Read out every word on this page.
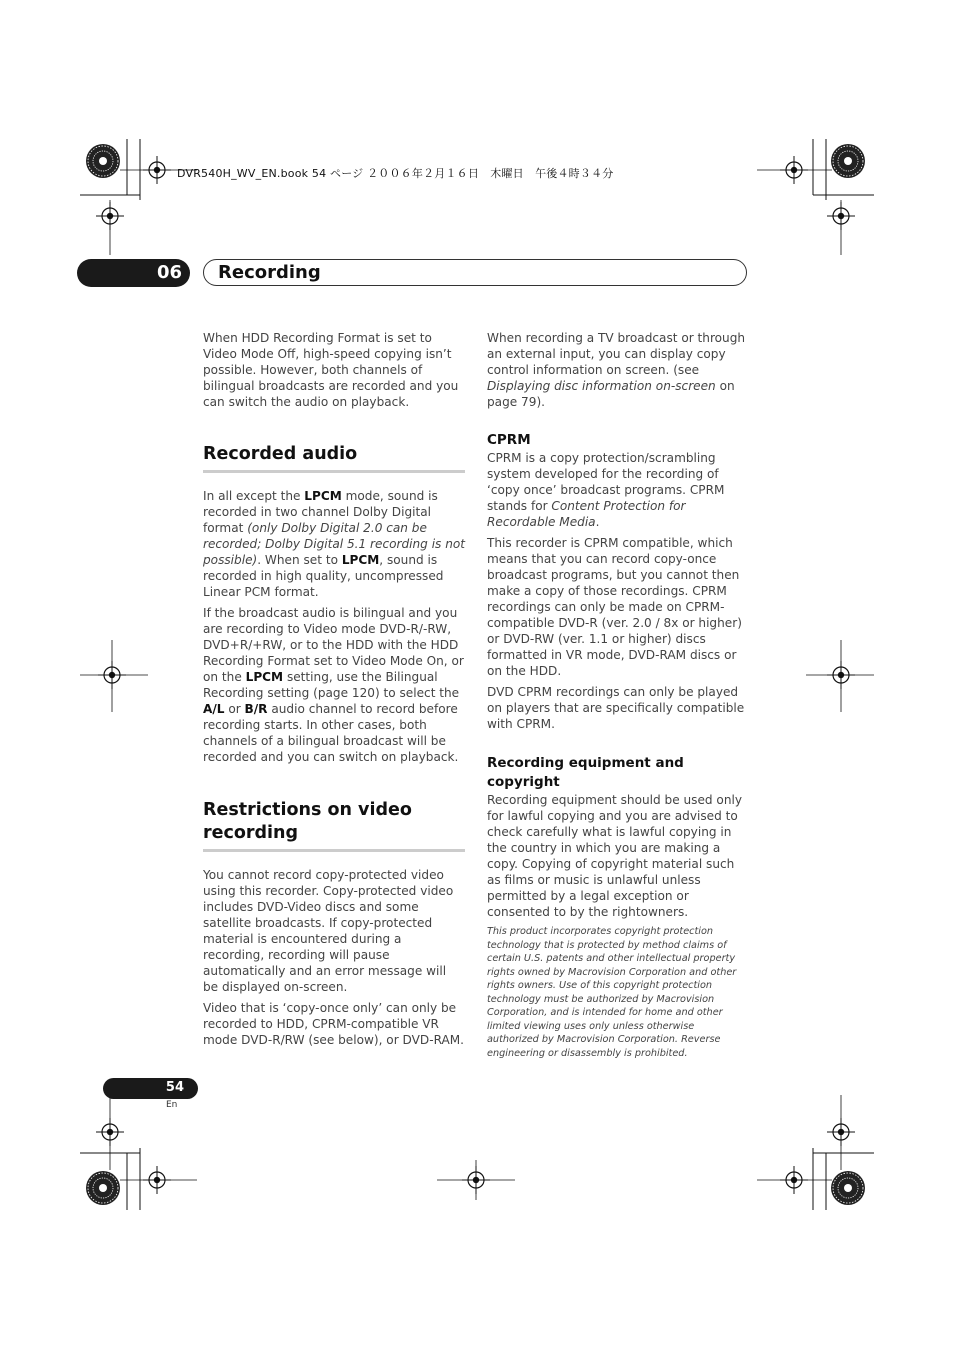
DVR540H_WV_EN.book 54 ページ ２００６年２月１６日　木曜日　午後４時３４分
06 Recording

When HDD Recording Format is set to Video Mode Off, high-speed copying isn’t possible. However, both channels of bilingual broadcasts are recorded and you can switch the audio on playback.

Recorded audio

In all except the LPCM mode, sound is recorded in two channel Dolby Digital format (only Dolby Digital 2.0 can be recorded; Dolby Digital 5.1 recording is not possible). When set to LPCM, sound is recorded in high quality, uncompressed Linear PCM format.

If the broadcast audio is bilingual and you are recording to Video mode DVD-R/-RW, DVD+R/+RW, or to the HDD with the HDD Recording Format set to Video Mode On, or on the LPCM setting, use the Bilingual Recording setting (page 120) to select the A/L or B/R audio channel to record before recording starts. In other cases, both channels of a bilingual broadcast will be recorded and you can switch on playback.

Restrictions on video recording

You cannot record copy-protected video using this recorder. Copy-protected video includes DVD-Video discs and some satellite broadcasts. If copy-protected material is encountered during a recording, recording will pause automatically and an error message will be displayed on-screen.

Video that is ‘copy-once only’ can only be recorded to HDD, CPRM-compatible VR mode DVD-R/RW (see below), or DVD-RAM.

When recording a TV broadcast or through an external input, you can display copy control information on screen. (see Displaying disc information on-screen on page 79).

CPRM

CPRM is a copy protection/scrambling system developed for the recording of ‘copy once’ broadcast programs. CPRM stands for Content Protection for Recordable Media.

This recorder is CPRM compatible, which means that you can record copy-once broadcast programs, but you cannot then make a copy of those recordings. CPRM recordings can only be made on CPRM-compatible DVD-R (ver. 2.0 / 8x or higher) or DVD-RW (ver. 1.1 or higher) discs formatted in VR mode, DVD-RAM discs or on the HDD.

DVD CPRM recordings can only be played on players that are specifically compatible with CPRM.

Recording equipment and copyright

Recording equipment should be used only for lawful copying and you are advised to check carefully what is lawful copying in the country in which you are making a copy. Copying of copyright material such as films or music is unlawful unless permitted by a legal exception or consented to by the rightowners.

This product incorporates copyright protection technology that is protected by method claims of certain U.S. patents and other intellectual property rights owned by Macrovision Corporation and other rights owners. Use of this copyright protection technology must be authorized by Macrovision Corporation, and is intended for home and other limited viewing uses only unless otherwise authorized by Macrovision Corporation. Reverse engineering or disassembly is prohibited.

54
En
